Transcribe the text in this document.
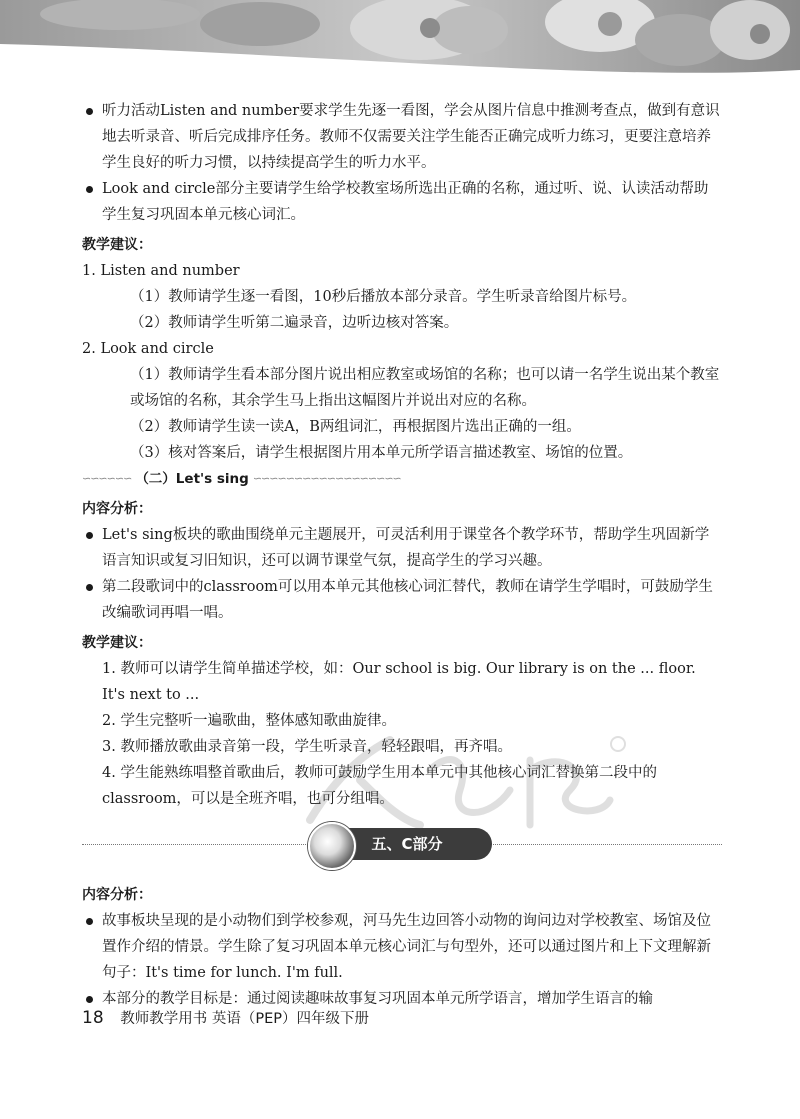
听力活动Listen and number要求学生先逐一看图，学会从图片信息中推测考查点，做到有意识地去听录音、听后完成排序任务。教师不仅需要关注学生能否正确完成听力练习，更要注意培养学生良好的听力习惯，以持续提高学生的听力水平。

Look and circle部分主要请学生给学校教室场所选出正确的名称，通过听、说、认读活动帮助学生复习巩固本单元核心词汇。

教学建议：

1. Listen and number

（1）教师请学生逐一看图，10秒后播放本部分录音。学生听录音给图片标号。

（2）教师请学生听第二遍录音，边听边核对答案。

2. Look and circle

（1）教师请学生看本部分图片说出相应教室或场馆的名称；也可以请一名学生说出某个教室或场馆的名称，其余学生马上指出这幅图片并说出对应的名称。

（2）教师请学生读一读A，B两组词汇，再根据图片选出正确的一组。

（3）核对答案后，请学生根据图片用本单元所学语言描述教室、场馆的位置。

∽∽∽∽∽∽ （二）Let's sing ∽∽∽∽∽∽∽∽∽∽∽∽∽∽∽∽∽∽

内容分析：

Let's sing板块的歌曲围绕单元主题展开，可灵活利用于课堂各个教学环节，帮助学生巩固新学语言知识或复习旧知识，还可以调节课堂气氛，提高学生的学习兴趣。

第二段歌词中的classroom可以用本单元其他核心词汇替代，教师在请学生学唱时，可鼓励学生改编歌词再唱一唱。

教学建议：

1. 教师可以请学生简单描述学校，如：Our school is big. Our library is on the ... floor. It's next to ...

2. 学生完整听一遍歌曲，整体感知歌曲旋律。

3. 教师播放歌曲录音第一段，学生听录音，轻轻跟唱，再齐唱。

4. 学生能熟练唱整首歌曲后，教师可鼓励学生用本单元中其他核心词汇替换第二段中的classroom，可以是全班齐唱，也可分组唱。

五、C部分

内容分析：

故事板块呈现的是小动物们到学校参观，河马先生边回答小动物的询问边对学校教室、场馆及位置作介绍的情景。学生除了复习巩固本单元核心词汇与句型外，还可以通过图片和上下文理解新句子：It's time for lunch. I'm full.

本部分的教学目标是：通过阅读趣味故事复习巩固本单元所学语言，增加学生语言的输

18 教师教学用书 英语（PEP）四年级下册
